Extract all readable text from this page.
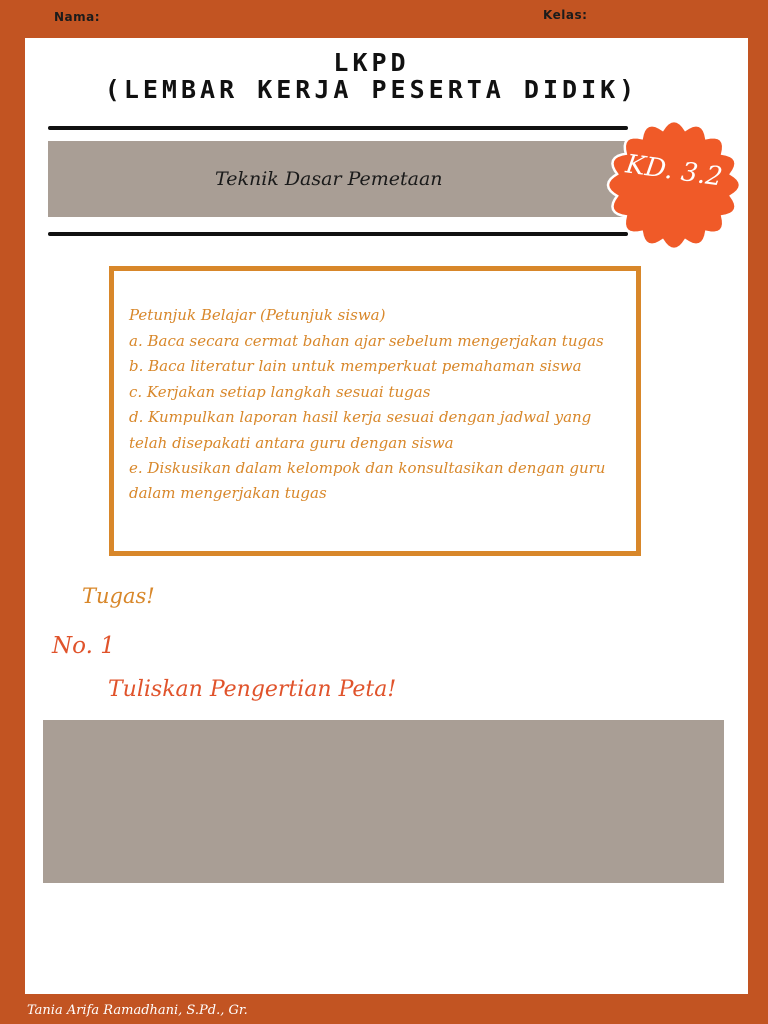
Nama:	Kelas:
LKPD
(LEMBAR KERJA PESERTA DIDIK)
Teknik Dasar Pemetaan	KD. 3.2
Petunjuk Belajar (Petunjuk siswa)
a. Baca secara cermat bahan ajar sebelum mengerjakan tugas
b. Baca literatur lain untuk memperkuat pemahaman siswa
c. Kerjakan setiap langkah sesuai tugas
d. Kumpulkan laporan hasil kerja sesuai dengan jadwal yang
telah disepakati antara guru dengan siswa
e. Diskusikan dalam kelompok dan konsultasikan dengan guru
dalam mengerjakan tugas
Tugas!
No. 1
Tuliskan Pengertian Peta!
Tania Arifa Ramadhani, S.Pd., Gr.
